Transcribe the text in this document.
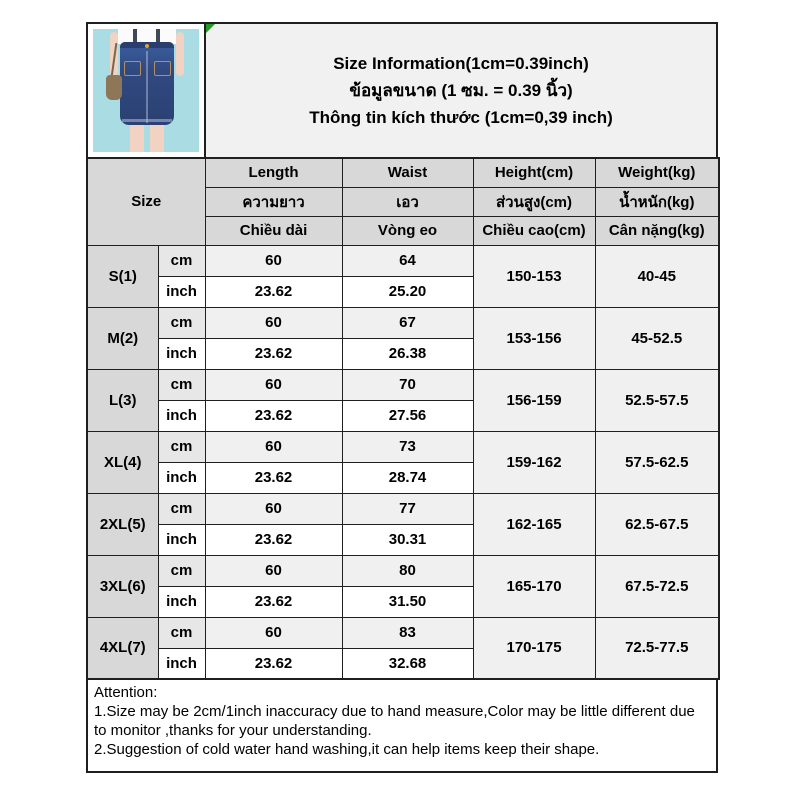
Size Information(1cm=0.39inch)
ข้อมูลขนาด (1 ซม. = 0.39 นิ้ว)
Thông tin kích thước (1cm=0,39 inch)
Size		Length	Waist	Height(cm)	Weight(kg)
		ความยาว	เอว	ส่วนสูง(cm)	น้ำหนัก(kg)
		Chiều dài	Vòng eo	Chiều cao(cm)	Cân nặng(kg)
S(1)	cm	60	64	150-153	40-45
	inch	23.62	25.20		
M(2)	cm	60	67	153-156	45-52.5
	inch	23.62	26.38		
L(3)	cm	60	70	156-159	52.5-57.5
	inch	23.62	27.56		
XL(4)	cm	60	73	159-162	57.5-62.5
	inch	23.62	28.74		
2XL(5)	cm	60	77	162-165	62.5-67.5
	inch	23.62	30.31		
3XL(6)	cm	60	80	165-170	67.5-72.5
	inch	23.62	31.50		
4XL(7)	cm	60	83	170-175	72.5-77.5
	inch	23.62	32.68		
Attention:
1.Size may be 2cm/1inch inaccuracy due to hand measure,Color may be little different due to monitor ,thanks for your understanding.
2.Suggestion of cold water hand washing,it can help items keep their shape.
